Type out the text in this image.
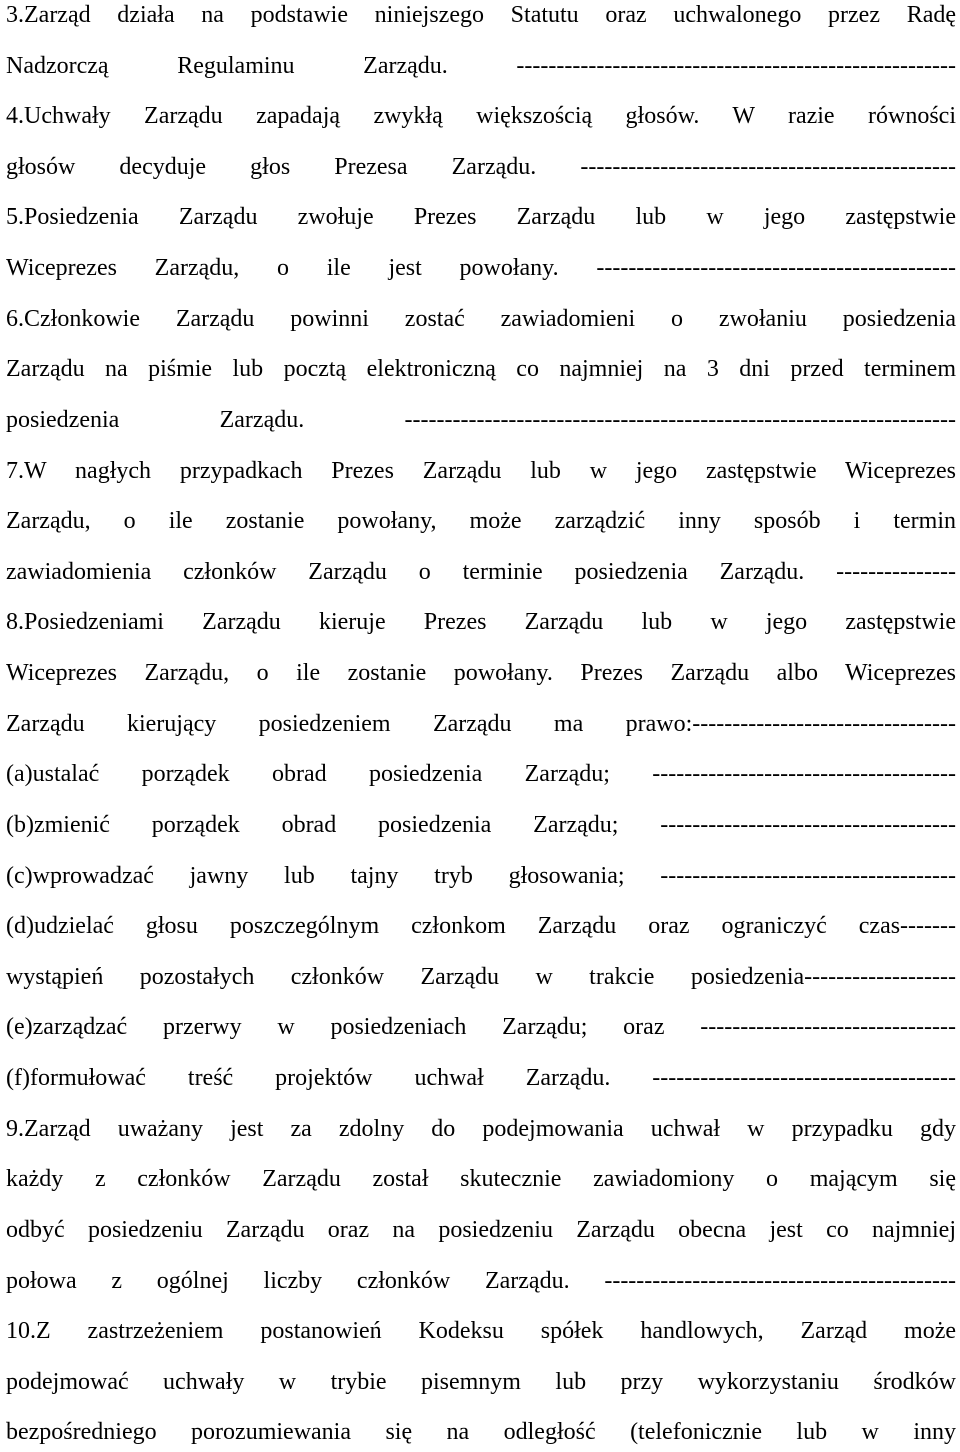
3.Zarząd działa na podstawie niniejszego Statutu oraz uchwalonego przez Radę
Nadzorczą Regulaminu Zarządu. -------------------------------------------------------
4.Uchwały Zarządu zapadają zwykłą większością głosów. W razie równości
głosów decyduje głos Prezesa Zarządu. -----------------------------------------------
5.Posiedzenia Zarządu zwołuje Prezes Zarządu lub w jego zastępstwie
Wiceprezes Zarządu, o ile jest powołany. ---------------------------------------------
6.Członkowie Zarządu powinni zostać zawiadomieni o zwołaniu posiedzenia
Zarządu na piśmie lub pocztą elektroniczną co najmniej na 3 dni przed terminem
posiedzenia Zarządu. ---------------------------------------------------------------------
7.W nagłych przypadkach Prezes Zarządu lub w jego zastępstwie Wiceprezes
Zarządu, o ile zostanie powołany, może zarządzić inny sposób i termin
zawiadomienia członków Zarządu o terminie posiedzenia Zarządu. ---------------
8.Posiedzeniami Zarządu kieruje Prezes Zarządu lub w jego zastępstwie
Wiceprezes Zarządu, o ile zostanie powołany. Prezes Zarządu albo Wiceprezes
Zarządu kierujący posiedzeniem Zarządu ma prawo:---------------------------------
(a)ustalać porządek obrad posiedzenia Zarządu; --------------------------------------
(b)zmienić porządek obrad posiedzenia Zarządu; -------------------------------------
(c)wprowadzać jawny lub tajny tryb głosowania; -------------------------------------
(d)udzielać głosu poszczególnym członkom Zarządu oraz ograniczyć czas-------
wystąpień pozostałych członków Zarządu w trakcie posiedzenia-------------------
(e)zarządzać przerwy w posiedzeniach Zarządu; oraz --------------------------------
(f)formułować treść projektów uchwał Zarządu. --------------------------------------
9.Zarząd uważany jest za zdolny do podejmowania uchwał w przypadku gdy
każdy z członków Zarządu został skutecznie zawiadomiony o mającym się
odbyć posiedzeniu Zarządu oraz na posiedzeniu Zarządu obecna jest co najmniej
połowa z ogólnej liczby członków Zarządu. --------------------------------------------
10.Z zastrzeżeniem postanowień Kodeksu spółek handlowych, Zarząd może
podejmować uchwały w trybie pisemnym lub przy wykorzystaniu środków
bezpośredniego porozumiewania się na odległość (telefonicznie lub w inny
